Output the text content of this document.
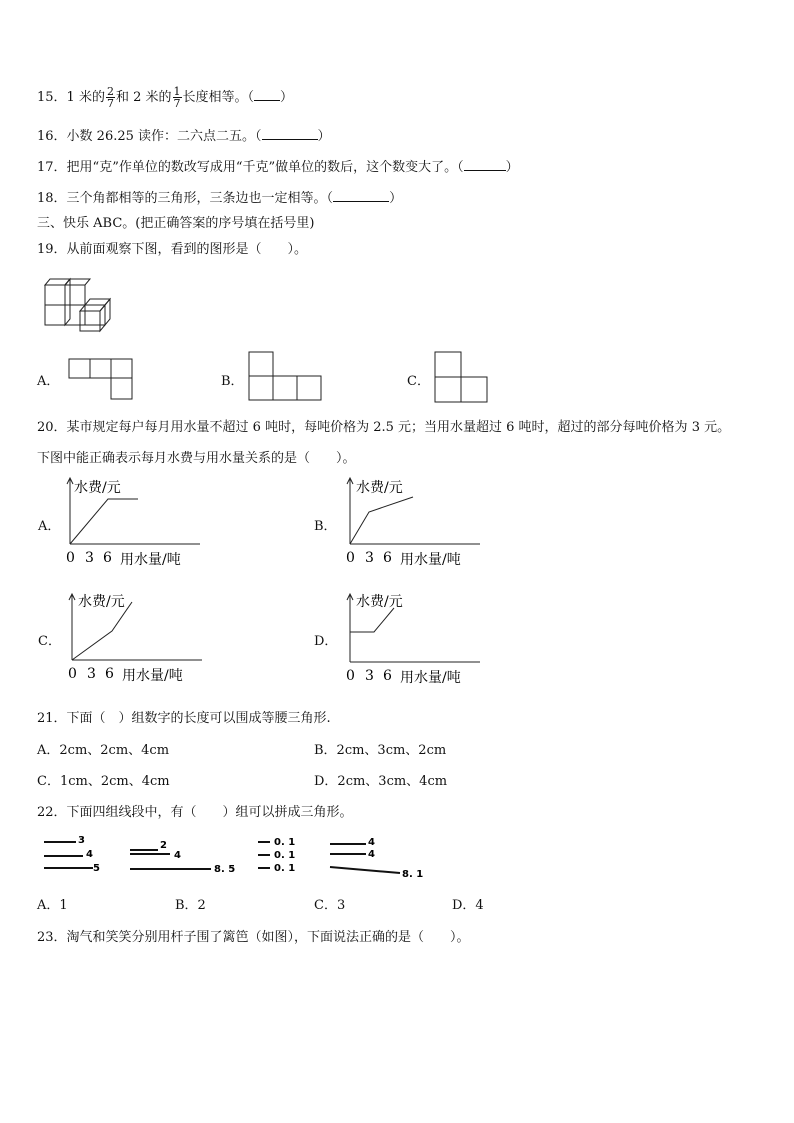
15．1 米的 $\frac{2}{7}$ 和 2 米的 $\frac{1}{7}$ 长度相等。（ ）
16．小数 26.25 读作：二六点二五。（	）
17．把用“克”作单位的数改写成用“千克”做单位的数后，这个数变大了。（	）
18．三个角都相等的三角形，三条边也一定相等。（	）
三、快乐 ABC。(把正确答案的序号填在括号里)
19．从前面观察下图，看到的图形是（　　）。
A．	B．	C．
20．某市规定每户每月用水量不超过 6 吨时，每吨价格为 2.5 元；当用水量超过 6 吨时，超过的部分每吨价格为 3 元。
下图中能正确表示每月水费与用水量关系的是（　　）。
A．
水费/元
0 3 6 用水量/吨
B．
水费/元
0 3 6 用水量/吨
C．
水费/元
0 3 6 用水量/吨
D．
水费/元
0 3 6 用水量/吨
21．下面（　）组数字的长度可以围成等腰三角形.
A．2cm、2cm、4cm	B．2cm、3cm、2cm
C．1cm、2cm、4cm	D．2cm、3cm、4cm
22．下面四组线段中，有（　　）组可以拼成三角形。
3
4
5
2
4
8. 5
0. 1
0. 1
0. 1
4
4
8. 1
A．1	B．2	C．3	D．4
23．淘气和笑笑分别用杆子围了篱笆（如图），下面说法正确的是（　　）。
